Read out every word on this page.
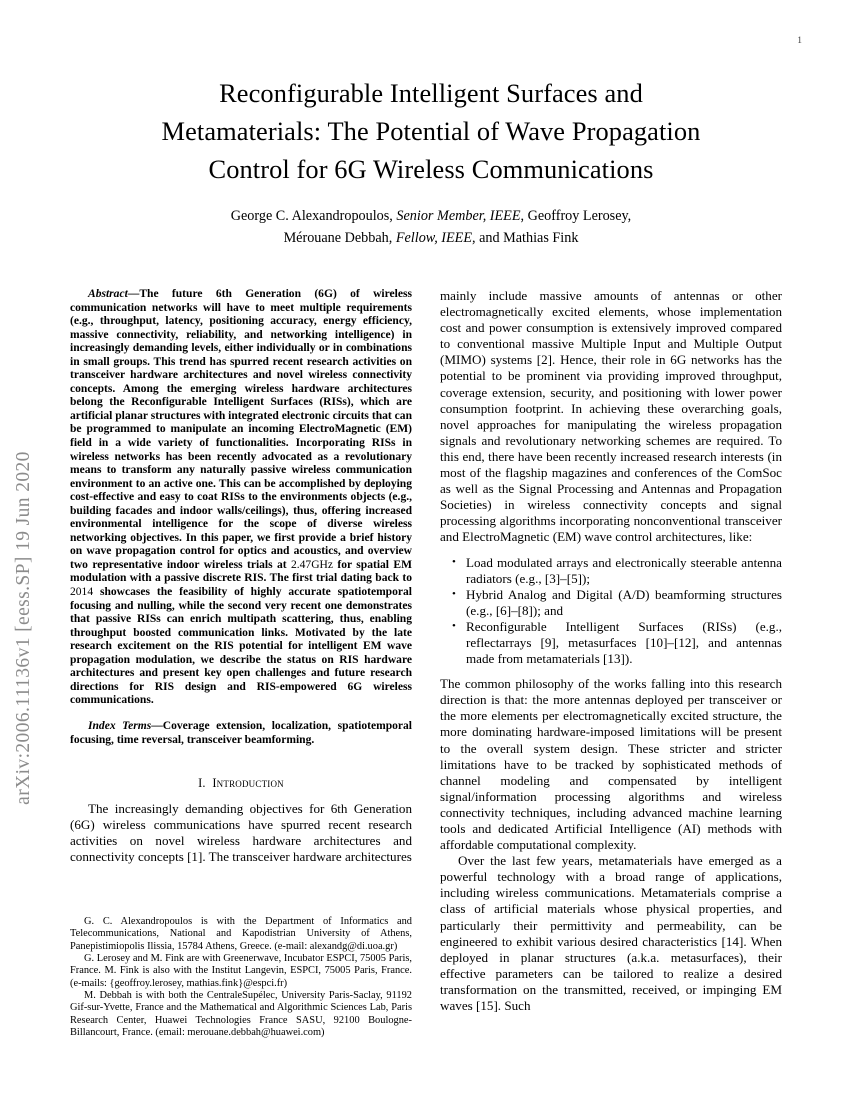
arXiv:2006.11136v1 [eess.SP] 19 Jun 2020
1
Reconfigurable Intelligent Surfaces and
Metamaterials: The Potential of Wave Propagation
Control for 6G Wireless Communications
George C. Alexandropoulos, Senior Member, IEEE, Geoffroy Lerosey,
Mérouane Debbah, Fellow, IEEE, and Mathias Fink

Abstract—The future 6th Generation (6G) of wireless communication networks will have to meet multiple requirements (e.g., throughput, latency, positioning accuracy, energy efficiency, massive connectivity, reliability, and networking intelligence) in increasingly demanding levels, either individually or in combinations in small groups. This trend has spurred recent research activities on transceiver hardware architectures and novel wireless connectivity concepts. Among the emerging wireless hardware architectures belong the Reconfigurable Intelligent Surfaces (RISs), which are artificial planar structures with integrated electronic circuits that can be programmed to manipulate an incoming ElectroMagnetic (EM) field in a wide variety of functionalities. Incorporating RISs in wireless networks has been recently advocated as a revolutionary means to transform any naturally passive wireless communication environment to an active one. This can be accomplished by deploying cost-effective and easy to coat RISs to the environments objects (e.g., building facades and indoor walls/ceilings), thus, offering increased environmental intelligence for the scope of diverse wireless networking objectives. In this paper, we first provide a brief history on wave propagation control for optics and acoustics, and overview two representative indoor wireless trials at 2.47GHz for spatial EM modulation with a passive discrete RIS. The first trial dating back to 2014 showcases the feasibility of highly accurate spatiotemporal focusing and nulling, while the second very recent one demonstrates that passive RISs can enrich multipath scattering, thus, enabling throughput boosted communication links. Motivated by the late research excitement on the RIS potential for intelligent EM wave propagation modulation, we describe the status on RIS hardware architectures and present key open challenges and future research directions for RIS design and RIS-empowered 6G wireless communications.

Index Terms—Coverage extension, localization, spatiotemporal focusing, time reversal, transceiver beamforming.

I. Introduction

The increasingly demanding objectives for 6th Generation (6G) wireless communications have spurred recent research activities on novel wireless hardware architectures and connectivity concepts [1]. The transceiver hardware architectures

mainly include massive amounts of antennas or other electromagnetically excited elements, whose implementation cost and power consumption is extensively improved compared to conventional massive Multiple Input and Multiple Output (MIMO) systems [2]. Hence, their role in 6G networks has the potential to be prominent via providing improved throughput, coverage extension, security, and positioning with lower power consumption footprint. In achieving these overarching goals, novel approaches for manipulating the wireless propagation signals and revolutionary networking schemes are required. To this end, there have been recently increased research interests (in most of the flagship magazines and conferences of the ComSoc as well as the Signal Processing and Antennas and Propagation Societies) in wireless connectivity concepts and signal processing algorithms incorporating nonconventional transceiver and ElectroMagnetic (EM) wave control architectures, like:

• Load modulated arrays and electronically steerable antenna radiators (e.g., [3]–[5]);
• Hybrid Analog and Digital (A/D) beamforming structures (e.g., [6]–[8]); and
• Reconfigurable Intelligent Surfaces (RISs) (e.g., reflectarrays [9], metasurfaces [10]–[12], and antennas made from metamaterials [13]).

The common philosophy of the works falling into this research direction is that: the more antennas deployed per transceiver or the more elements per electromagnetically excited structure, the more dominating hardware-imposed limitations will be present to the overall system design. These stricter and stricter limitations have to be tracked by sophisticated methods of channel modeling and compensated by intelligent signal/information processing algorithms and wireless connectivity techniques, including advanced machine learning tools and dedicated Artificial Intelligence (AI) methods with affordable computational complexity.

Over the last few years, metamaterials have emerged as a powerful technology with a broad range of applications, including wireless communications. Metamaterials comprise a class of artificial materials whose physical properties, and particularly their permittivity and permeability, can be engineered to exhibit various desired characteristics [14]. When deployed in planar structures (a.k.a. metasurfaces), their effective parameters can be tailored to realize a desired transformation on the transmitted, received, or impinging EM waves [15]. Such

G. C. Alexandropoulos is with the Department of Informatics and Telecommunications, National and Kapodistrian University of Athens, Panepistimiopolis Ilissia, 15784 Athens, Greece. (e-mail: alexandg@di.uoa.gr)

G. Lerosey and M. Fink are with Greenerwave, Incubator ESPCI, 75005 Paris, France. M. Fink is also with the Institut Langevin, ESPCI, 75005 Paris, France. (e-mails: {geoffroy.lerosey, mathias.fink}@espci.fr)

M. Debbah is with both the CentraleSupélec, University Paris-Saclay, 91192 Gif-sur-Yvette, France and the Mathematical and Algorithmic Sciences Lab, Paris Research Center, Huawei Technologies France SASU, 92100 Boulogne-Billancourt, France. (email: merouane.debbah@huawei.com)
